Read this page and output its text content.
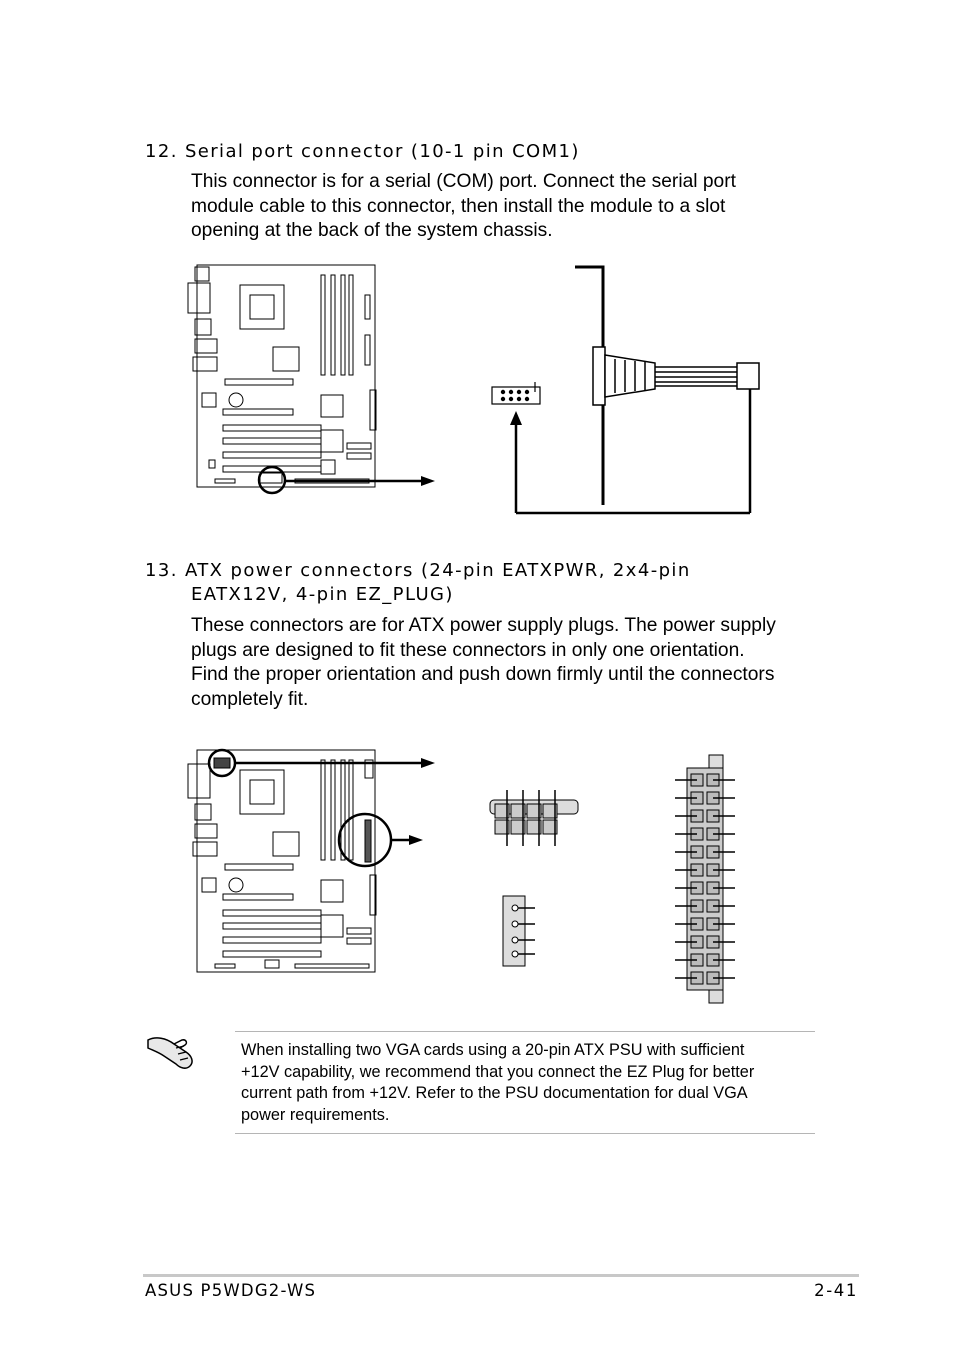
12. Serial port connector (10-1 pin COM1)

This connector is for a serial (COM) port. Connect the serial port
module cable to this connector, then install the module to a slot
opening at the back of the system chassis.

13. ATX power connectors (24-pin EATXPWR, 2x4-pin
EATX12V, 4-pin EZ_PLUG)

These connectors are for ATX power supply plugs. The power supply
plugs are designed to fit these connectors in only one orientation.
Find the proper orientation and push down firmly until the connectors
completely fit.

When installing two VGA cards using a 20-pin ATX PSU with sufficient
+12V capability, we recommend that you connect the EZ Plug for better
current path from +12V. Refer to the PSU documentation for dual VGA
power requirements.

ASUS P5WDG2-WS	2-41
